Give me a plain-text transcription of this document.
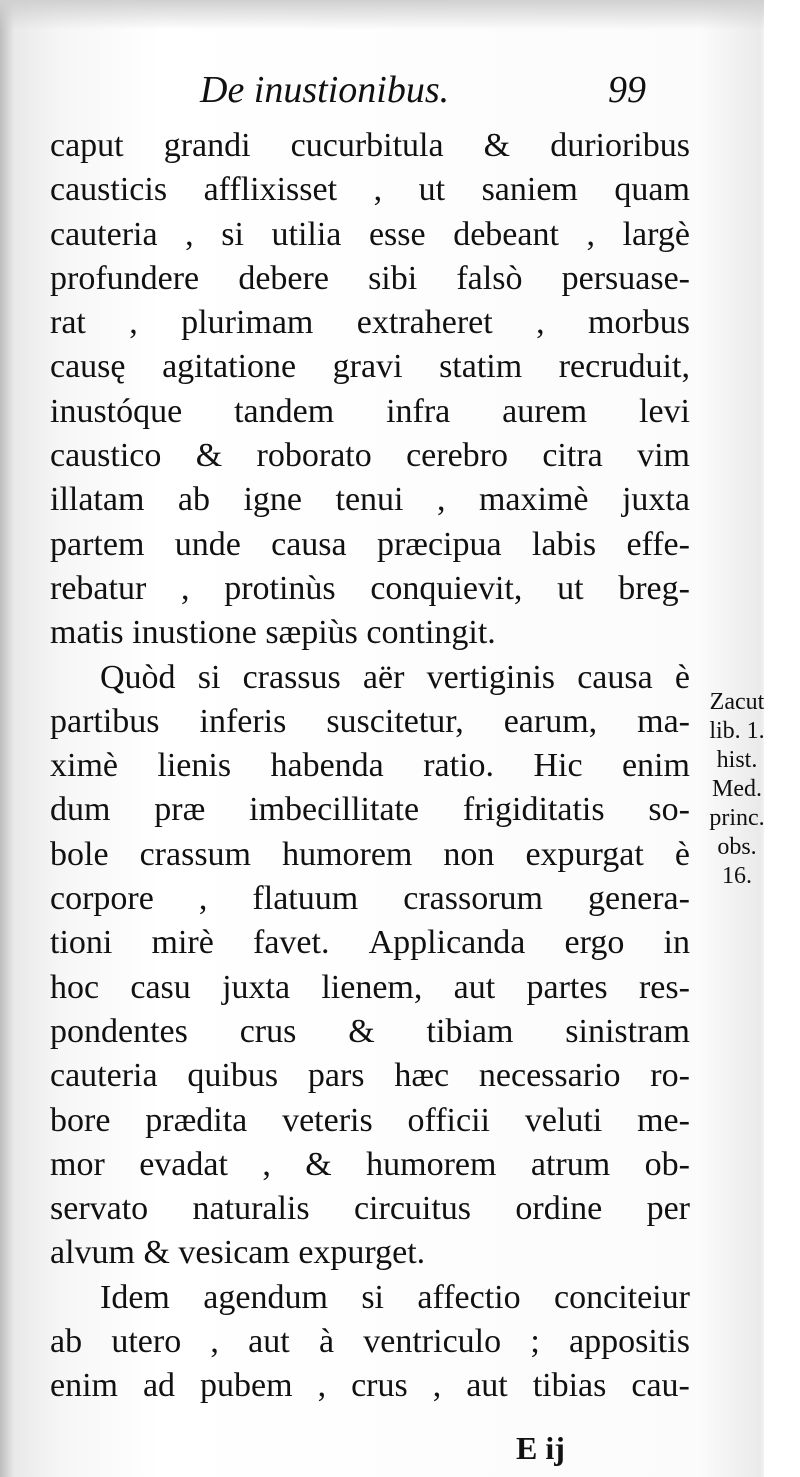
De inustionibus.	99
caput grandi cucurbitula & durioribus
causticis afflixisset , ut saniem quam
cauteria , si utilia esse debeant , largè
profundere debere sibi falsò persuase-
rat , plurimam extraheret , morbus
causę agitatione gravi statim recruduit,
inustóque tandem infra aurem levi
caustico & roborato cerebro citra vim
illatam ab igne tenui , maximè juxta
partem unde causa præcipua labis effe-
rebatur , protinùs conquievit, ut breg-
matis inustione sæpiùs contingit.
Quòd si crassus aër vertiginis causa è
partibus inferis suscitetur, earum, ma-
ximè lienis habenda ratio. Hic enim
dum præ imbecillitate frigiditatis so-
bole crassum humorem non expurgat è
corpore , flatuum crassorum genera-
tioni mirè favet. Applicanda ergo in
hoc casu juxta lienem, aut partes res-
pondentes crus & tibiam sinistram
cauteria quibus pars hæc necessario ro-
bore prædita veteris officii veluti me-
mor evadat , & humorem atrum ob-
servato naturalis circuitus ordine per
alvum & vesicam expurget.
Idem agendum si affectio conciteiur
ab utero , aut à ventriculo ; appositis
enim ad pubem , crus , aut tibias cau-
Zacut
lib. 1.
hist.
Med.
princ.
obs.
16.
E ij
